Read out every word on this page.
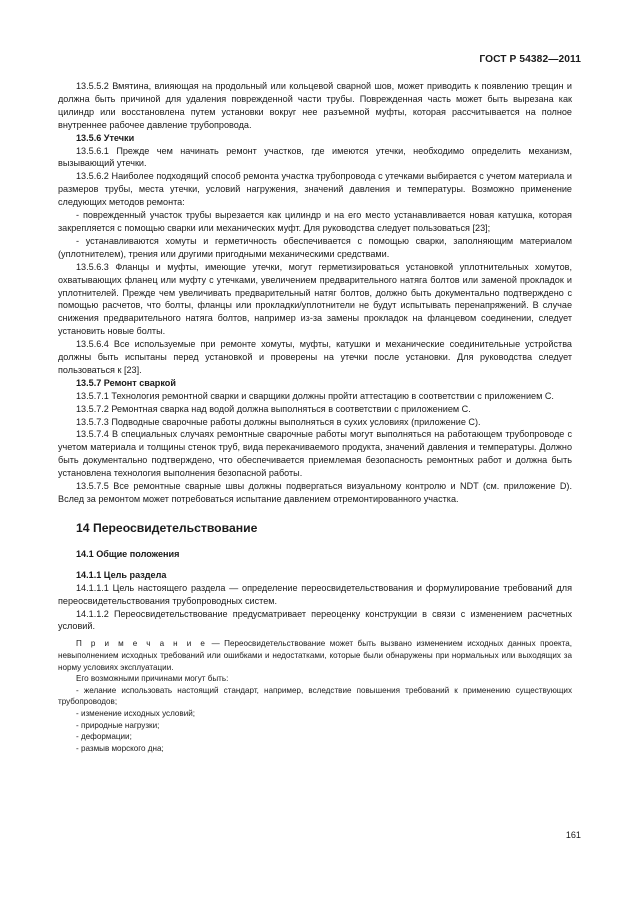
ГОСТ Р 54382—2011

13.5.5.2 Вмятина, влияющая на продольный или кольцевой сварной шов, может приводить к появлению трещин и должна быть причиной для удаления поврежденной части трубы. Поврежденная часть может быть вырезана как цилиндр или восстановлена путем установки вокруг нее разъемной муфты, которая рассчитывается на полное внутреннее рабочее давление трубопровода.

13.5.6 Утечки

13.5.6.1 Прежде чем начинать ремонт участков, где имеются утечки, необходимо определить механизм, вызывающий утечки.

13.5.6.2 Наиболее подходящий способ ремонта участка трубопровода с утечками выбирается с учетом материала и размеров трубы, места утечки, условий нагружения, значений давления и температуры. Возможно применение следующих методов ремонта:

- поврежденный участок трубы вырезается как цилиндр и на его место устанавливается новая катушка, которая закрепляется с помощью сварки или механических муфт. Для руководства следует пользоваться [23];

- устанавливаются хомуты и герметичность обеспечивается с помощью сварки, заполняющим материалом (уплотнителем), трения или другими пригодными механическими средствами.

13.5.6.3 Фланцы и муфты, имеющие утечки, могут герметизироваться установкой уплотнительных хомутов, охватывающих фланец или муфту с утечками, увеличением предварительного натяга болтов или заменой прокладок и уплотнителей. Прежде чем увеличивать предварительный натяг болтов, должно быть документально подтверждено с помощью расчетов, что болты, фланцы или прокладки/уплотнители не будут испытывать перенапряжений. В случае снижения предварительного натяга болтов, например из-за замены прокладок на фланцевом соединении, следует установить новые болты.

13.5.6.4 Все используемые при ремонте хомуты, муфты, катушки и механические соединительные устройства должны быть испытаны перед установкой и проверены на утечки после установки. Для руководства следует пользоваться к [23].

13.5.7 Ремонт сваркой

13.5.7.1 Технология ремонтной сварки и сварщики должны пройти аттестацию в соответствии с приложением С.

13.5.7.2 Ремонтная сварка над водой должна выполняться в соответствии с приложением С.

13.5.7.3 Подводные сварочные работы должны выполняться в сухих условиях (приложение С).

13.5.7.4 В специальных случаях ремонтные сварочные работы могут выполняться на работающем трубопроводе с учетом материала и толщины стенок труб, вида перекачиваемого продукта, значений давления и температуры. Должно быть документально подтверждено, что обеспечивается приемлемая безопасность ремонтных работ и должна быть установлена технология выполнения безопасной работы.

13.5.7.5 Все ремонтные сварные швы должны подвергаться визуальному контролю и NDT (см. приложение D). Вслед за ремонтом может потребоваться испытание давлением отремонтированного участка.

14 Переосвидетельствование

14.1 Общие положения

14.1.1 Цель раздела

14.1.1.1 Цель настоящего раздела — определение переосвидетельствования и формулирование требований для переосвидетельствования трубопроводных систем.

14.1.1.2 Переосвидетельствование предусматривает переоценку конструкции в связи с изменением расчетных условий.

П р и м е ч а н и е — Переосвидетельствование может быть вызвано изменением исходных данных проекта, невыполнением исходных требований или ошибками и недостатками, которые были обнаружены при нормальных или выходящих за норму условиях эксплуатации.

Его возможными причинами могут быть:

- желание использовать настоящий стандарт, например, вследствие повышения требований к применению существующих трубопроводов;

- изменение исходных условий;

- природные нагрузки;

- деформации;

- размыв морского дна;

161
